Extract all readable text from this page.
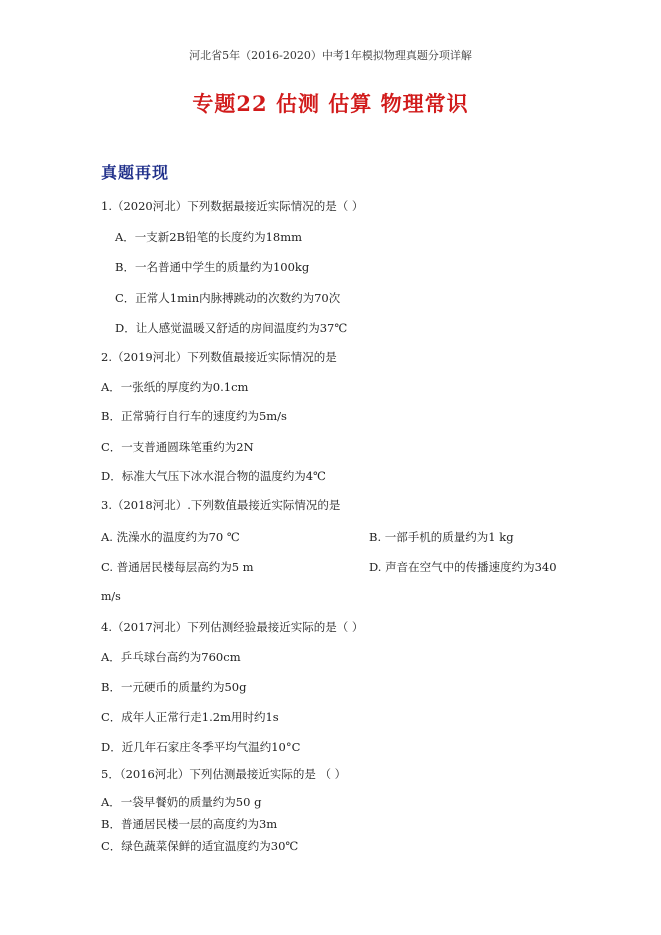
河北省5年（2016-2020）中考1年模拟物理真题分项详解
专题22 估测 估算 物理常识
真题再现
1.（2020河北）下列数据最接近实际情况的是（ ）
A．一支新2B铅笔的长度约为18mm
B．一名普通中学生的质量约为100kg
C．正常人1min内脉搏跳动的次数约为70次
D．让人感觉温暖又舒适的房间温度约为37℃
2.（2019河北）下列数值最接近实际情况的是
A．一张纸的厚度约为0.1cm
B．正常骑行自行车的速度约为5m/s
C．一支普通圆珠笔重约为2N
D．标准大气压下冰水混合物的温度约为4℃
3.（2018河北）.下列数值最接近实际情况的是
A. 洗澡水的温度约为70 ℃	B. 一部手机的质量约为1 kg
C. 普通居民楼每层高约为5 m	D. 声音在空气中的传播速度约为340
m/s
4.（2017河北）下列估测经验最接近实际的是（ ）
A．乒乓球台高约为760cm
B．一元硬币的质量约为50g
C．成年人正常行走1.2m用时约1s
D．近几年石家庄冬季平均气温约10°C
5．（2016河北）下列估测最接近实际的是 （ ）
A．一袋早餐奶的质量约为50 g
B．普通居民楼一层的高度约为3m
C．绿色蔬菜保鲜的适宜温度约为30℃
